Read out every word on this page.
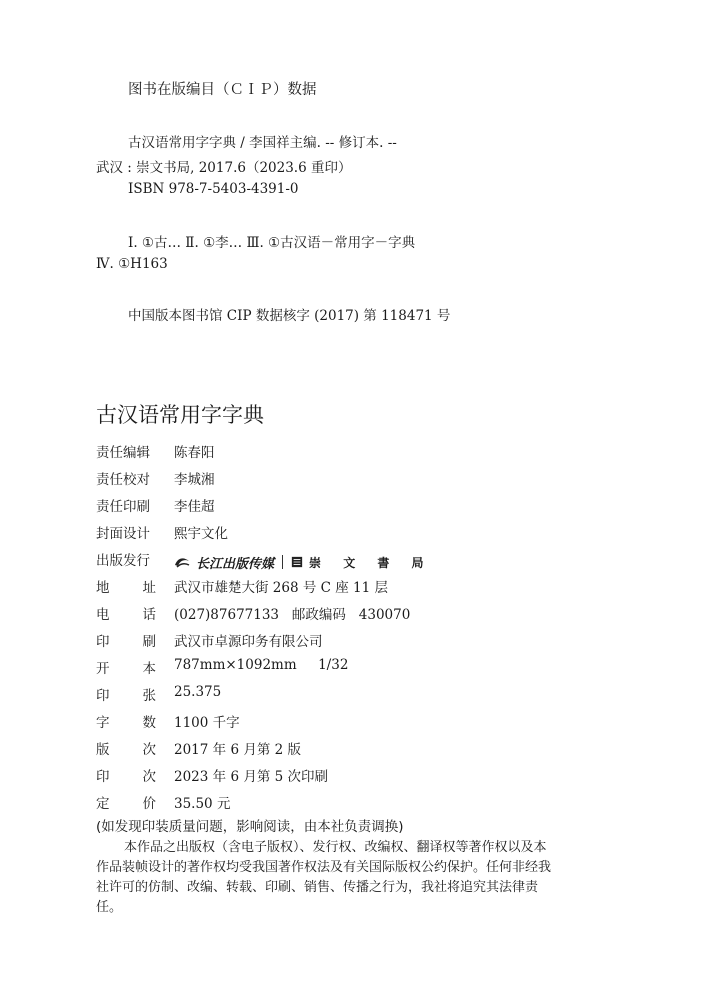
图书在版编目（ＣＩＰ）数据
古汉语常用字字典 / 李国祥主编. -- 修订本. --
武汉 : 崇文书局, 2017.6（2023.6 重印）
ISBN 978-7-5403-4391-0
Ⅰ. ①古… Ⅱ. ①李… Ⅲ. ①古汉语－常用字－字典
Ⅳ. ①H163
中国版本图书馆 CIP 数据核字 (2017) 第 118471 号
古汉语常用字字典
责任编辑	陈春阳
责任校对	李城湘
责任印刷	李佳超
封面设计	熙宇文化
出版发行	长江出版传媒	崇 文 書 局
地 址 武汉市雄楚大街 268 号 C 座 11 层
电 话 (027)87677133   邮政编码   430070
印 刷 武汉市卓源印务有限公司
开 本 787mm×1092mm     1/32
印 张 25.375
字 数 1100 千字
版 次 2017 年 6 月第 2 版
印 次 2023 年 6 月第 5 次印刷
定 价 35.50 元
(如发现印装质量问题，影响阅读，由本社负责调换)
本作品之出版权（含电子版权）、发行权、改编权、翻译权等著作权以及本作品装帧设计的著作权均受我国著作权法及有关国际版权公约保护。任何非经我社许可的仿制、改编、转载、印刷、销售、传播之行为，我社将追究其法律责任。
